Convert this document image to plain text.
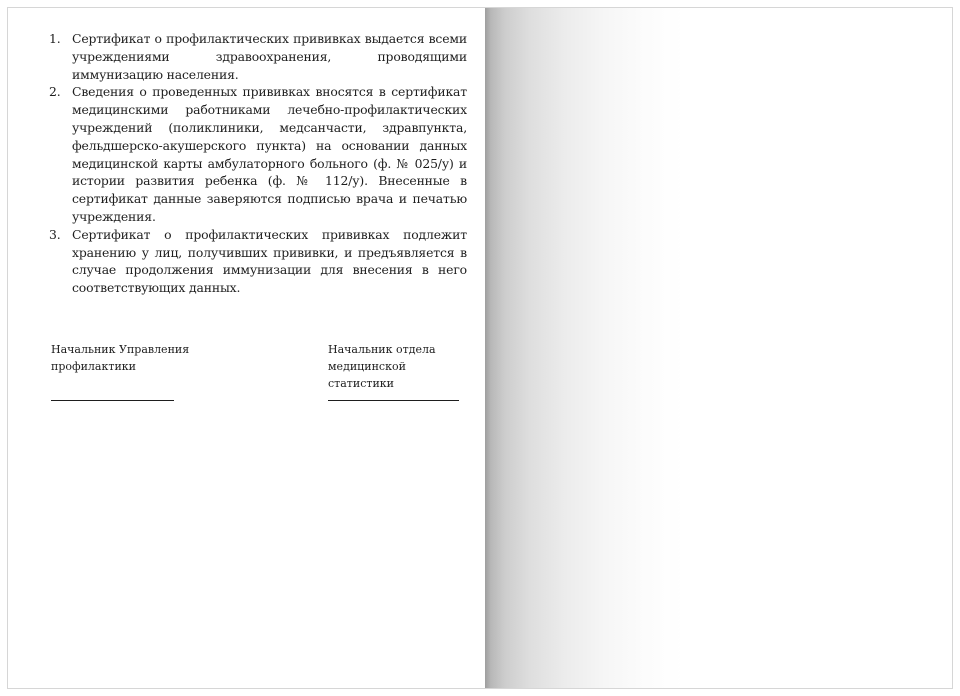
1. Сертификат о профилактических прививках выдается всеми учреждениями здравоохранения, проводящими иммунизацию населения.
2. Сведения о проведенных прививках вносятся в сертификат медицинскими работниками лечебно-профилактических учреждений (поликлиники, медсанчасти, здравпункта, фельдшерско-акушерского пункта) на основании данных медицинской карты амбулаторного больного (ф. № 025/у) и истории развития ребенка (ф. № 112/у). Внесенные в сертификат данные заверяются подписью врача и печатью учреждения.
3. Сертификат о профилактических прививках подлежит хранению у лиц, получивших прививки, и предъявляется в случае продолжения иммунизации для внесения в него соответствующих данных.
Начальник Управления
профилактики
Начальник отдела
медицинской статистики
